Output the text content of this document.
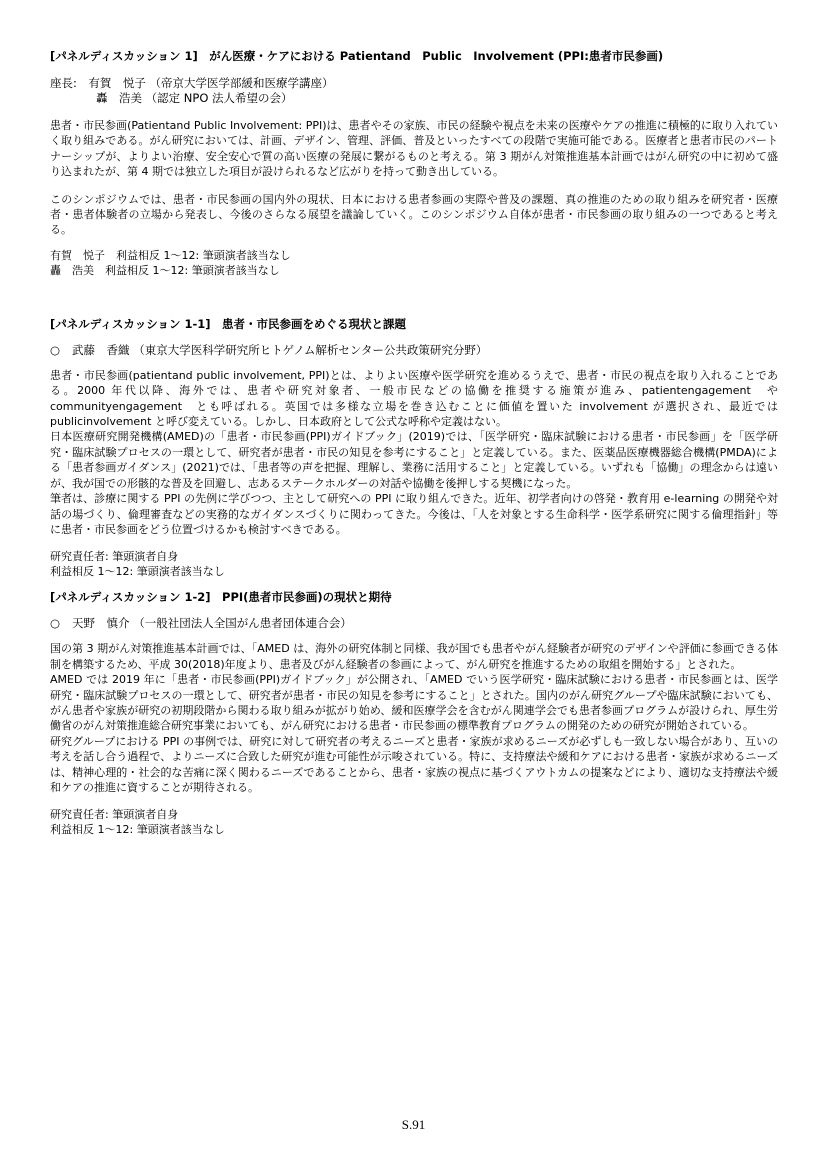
[パネルディスカッション 1]　がん医療・ケアにおける Patientand　Public　Involvement (PPI:患者市民参画)
座長:　有賀　悦子 （帝京大学医学部緩和医療学講座）
轟　浩美 （認定 NPO 法人希望の会）

患者・市民参画(Patientand Public Involvement: PPI)は、患者やその家族、市民の経験や視点を未来の医療やケアの推進に積極的に取り入れていく取り組みである。がん研究においては、計画、デザイン、管理、評価、普及といったすべての段階で実施可能である。医療者と患者市民のパートナーシップが、よりよい治療、安全安心で質の高い医療の発展に繋がるものと考える。第 3 期がん対策推進基本計画ではがん研究の中に初めて盛り込まれたが、第 4 期では独立した項目が設けられるなど広がりを持って動き出している。

このシンポジウムでは、患者・市民参画の国内外の現状、日本における患者参画の実際や普及の課題、真の推進のための取り組みを研究者・医療者・患者体験者の立場から発表し、今後のさらなる展望を議論していく。このシンポジウム自体が患者・市民参画の取り組みの一つであると考える。

有賀　悦子　利益相反 1〜12: 筆頭演者該当なし
轟　浩美　利益相反 1〜12: 筆頭演者該当なし
[パネルディスカッション 1-1]　患者・市民参画をめぐる現状と課題
○ 武藤　香織 （東京大学医科学研究所ヒトゲノム解析センター公共政策研究分野）

患者・市民参画(patientand public involvement, PPI)とは、よりよい医療や医学研究を進めるうえで、患者・市民の視点を取り入れることである。2000 年代以降、海外では、患者や研究対象者、一般市民などの協働を推奨する施策が進み、patientengagement　や　communityengagement　とも呼ばれる。英国では多様な立場を巻き込むことに価値を置いた involvement が選択され、最近では publicinvolvement と呼び変えている。しかし、日本政府として公式な呼称や定義はない。

日本医療研究開発機構(AMED)の「患者・市民参画(PPI)ガイドブック」(2019)では、「医学研究・臨床試験における患者・市民参画」を「医学研究・臨床試験プロセスの一環として、研究者が患者・市民の知見を参考にすること」と定義している。また、医薬品医療機器総合機構(PMDA)による「患者参画ガイダンス」(2021)では、「患者等の声を把握、理解し、業務に活用すること」と定義している。いずれも「協働」の理念からは遠いが、我が国での形骸的な普及を回避し、志あるステークホルダーの対話や協働を後押しする契機になった。

筆者は、診療に関する PPI の先例に学びつつ、主として研究への PPI に取り組んできた。近年、初学者向けの啓発・教育用 e-learning の開発や対話の場づくり、倫理審査などの実務的なガイダンスづくりに関わってきた。今後は、「人を対象とする生命科学・医学系研究に関する倫理指針」等に患者・市民参画をどう位置づけるかも検討すべきである。

研究責任者: 筆頭演者自身
利益相反 1〜12: 筆頭演者該当なし
[パネルディスカッション 1-2]　PPI(患者市民参画)の現状と期待
○ 天野　慎介 （一般社団法人全国がん患者団体連合会）

国の第 3 期がん対策推進基本計画では、「AMED は、海外の研究体制と同様、我が国でも患者やがん経験者が研究のデザインや評価に参画できる体制を構築するため、平成 30(2018)年度より、患者及びがん経験者の参画によって、がん研究を推進するための取組を開始する」とされた。

AMED では 2019 年に「患者・市民参画(PPI)ガイドブック」が公開され、「AMED でいう医学研究・臨床試験における患者・市民参画とは、医学研究・臨床試験プロセスの一環として、研究者が患者・市民の知見を参考にすること」とされた。国内のがん研究グループや臨床試験においても、がん患者や家族が研究の初期段階から関わる取り組みが拡がり始め、緩和医療学会を含むがん関連学会でも患者参画プログラムが設けられ、厚生労働省のがん対策推進総合研究事業においても、がん研究における患者・市民参画の標準教育プログラムの開発のための研究が開始されている。

研究グループにおける PPI の事例では、研究に対して研究者の考えるニーズと患者・家族が求めるニーズが必ずしも一致しない場合があり、互いの考えを話し合う過程で、よりニーズに合致した研究が進む可能性が示唆されている。特に、支持療法や緩和ケアにおける患者・家族が求めるニーズは、精神心理的・社会的な苦痛に深く関わるニーズであることから、患者・家族の視点に基づくアウトカムの提案などにより、適切な支持療法や緩和ケアの推進に資することが期待される。

研究責任者: 筆頭演者自身
利益相反 1〜12: 筆頭演者該当なし
S.91
